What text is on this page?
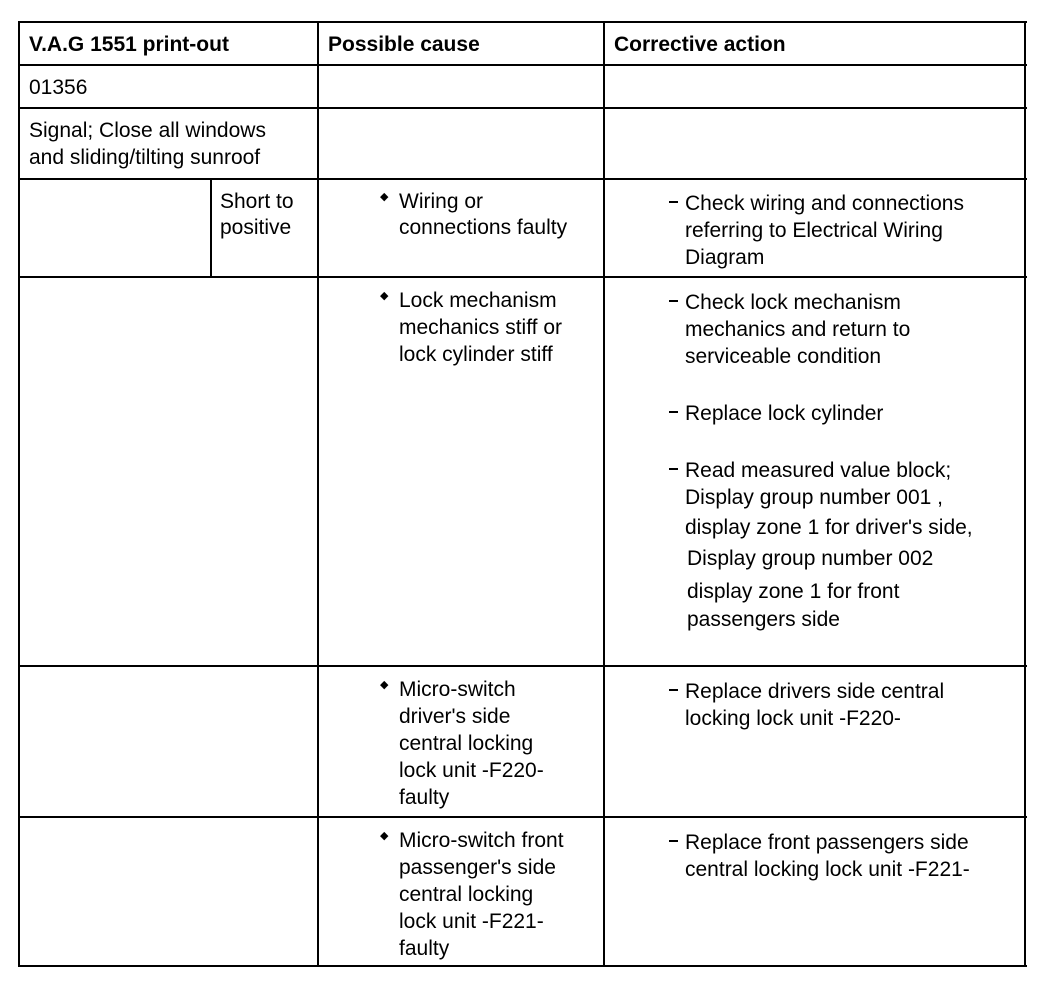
V.A.G 1551 print-out	Possible cause	Corrective action
01356
Signal; Close all windows
and sliding/tilting sunroof
Short to
positive
◆ Wiring or
connections faulty
Check wiring and connections
referring to Electrical Wiring
Diagram
◆ Lock mechanism
mechanics stiff or
lock cylinder stiff
Check lock mechanism
mechanics and return to
serviceable condition
Replace lock cylinder
Read measured value block;
Display group number 001 ,
display zone 1 for driver's side,
Display group number 002
display zone 1 for front
passengers side
◆ Micro-switch
driver's side
central locking
lock unit -F220-
faulty
Replace drivers side central
locking lock unit -F220-
◆ Micro-switch front
passenger's side
central locking
lock unit -F221-
faulty
Replace front passengers side
central locking lock unit -F221-
